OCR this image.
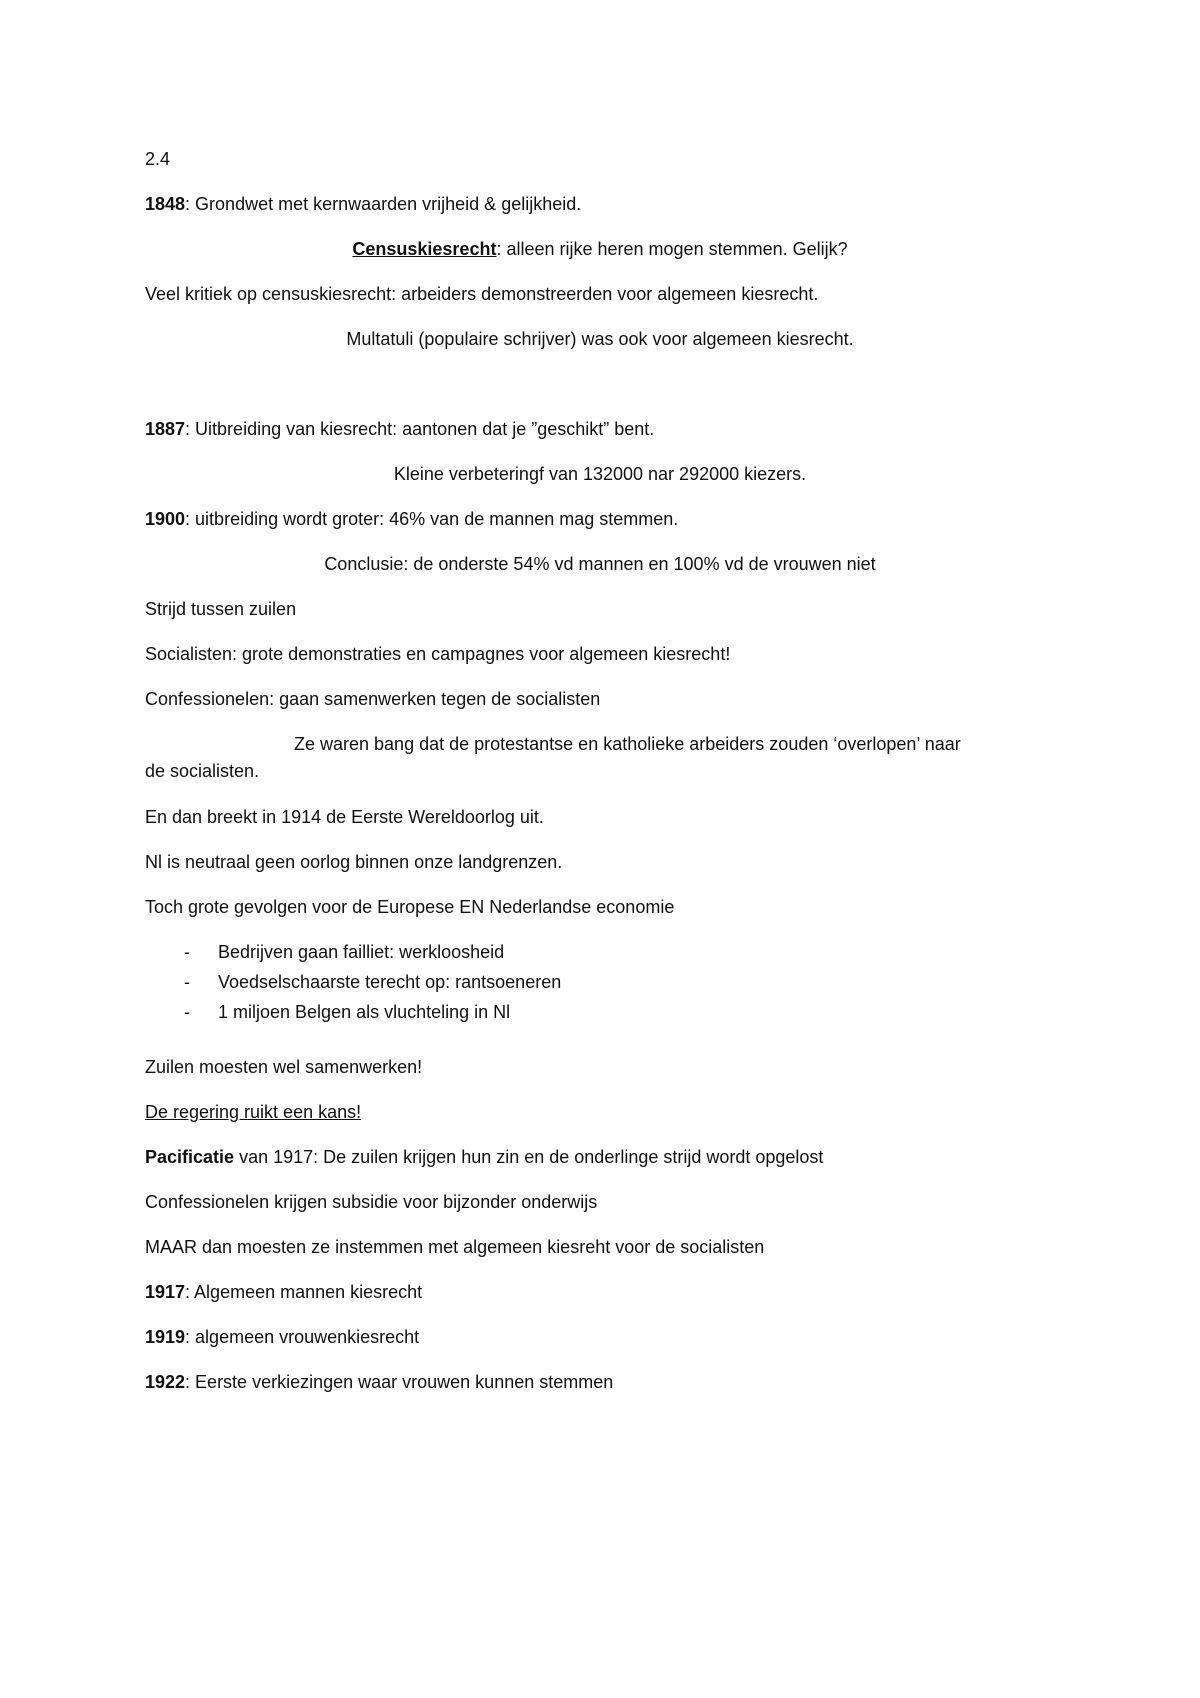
2.4
1848: Grondwet met kernwaarden vrijheid & gelijkheid.
Censuskiesrecht: alleen rijke heren mogen stemmen. Gelijk?
Veel kritiek op censuskiesrecht: arbeiders demonstreerden voor algemeen kiesrecht.
Multatuli (populaire schrijver) was ook voor algemeen kiesrecht.
1887: Uitbreiding van kiesrecht: aantonen dat je ”geschikt” bent.
Kleine verbeteringf van 132000 nar 292000 kiezers.
1900: uitbreiding wordt groter: 46% van de mannen mag stemmen.
Conclusie: de onderste 54% vd mannen en 100% vd de vrouwen niet
Strijd tussen zuilen
Socialisten: grote demonstraties en campagnes voor algemeen kiesrecht!
Confessionelen: gaan samenwerken tegen de socialisten
Ze waren bang dat de protestantse en katholieke arbeiders zouden ‘overlopen’ naar
de socialisten.
En dan breekt in 1914 de Eerste Wereldoorlog uit.
Nl is neutraal geen oorlog binnen onze landgrenzen.
Toch grote gevolgen voor de Europese EN Nederlandse economie
- Bedrijven gaan failliet: werkloosheid
- Voedselschaarste terecht op: rantsoeneren
- 1 miljoen Belgen als vluchteling in Nl
Zuilen moesten wel samenwerken!
De regering ruikt een kans!
Pacificatie van 1917: De zuilen krijgen hun zin en de onderlinge strijd wordt opgelost
Confessionelen krijgen subsidie voor bijzonder onderwijs
MAAR dan moesten ze instemmen met algemeen kiesreht voor de socialisten
1917: Algemeen mannen kiesrecht
1919: algemeen vrouwenkiesrecht
1922: Eerste verkiezingen waar vrouwen kunnen stemmen
